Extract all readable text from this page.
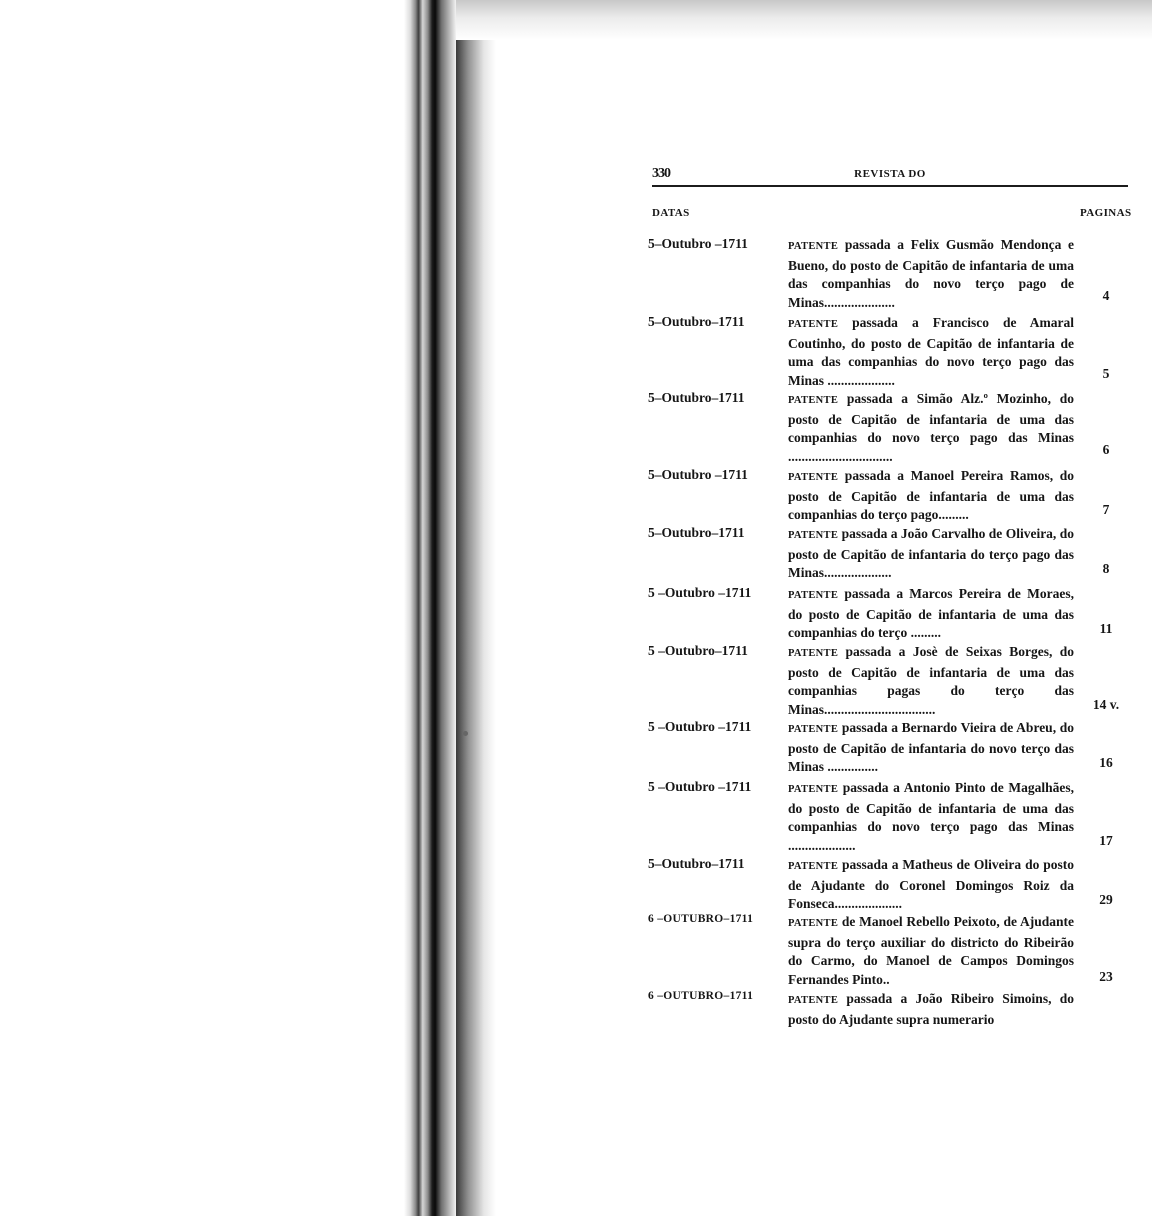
330	REVISTA DO
DATAS	PAGINAS
5–Outubro –1711	PATENTE passada a Felix Gusmão Mendonça e Bueno, do posto de Capitão de infantaria de uma das companhias do novo terço pago de Minas.....................	4
5–Outubro–1711	PATENTE passada a Francisco de Amaral Coutinho, do posto de Capitão de infantaria de uma das companhias do novo terço pago das Minas ....................	5
5–Outubro–1711	PATENTE passada a Simão Alz.º Mozinho, do posto de Capitão de infantaria de uma das companhias do novo terço pago das Minas ...............................	6
5–Outubro –1711	PATENTE passada a Manoel Pereira Ramos, do posto de Capitão de infantaria de uma das companhias do terço pago.........	7
5–Outubro–1711	PATENTE passada a João Carvalho de Oliveira, do posto de Capitão de infantaria do terço pago das Minas....................	8
5 –Outubro –1711	PATENTE passada a Marcos Pereira de Moraes, do posto de Capitão de infantaria de uma das companhias do terço .........	11
5 –Outubro–1711	PATENTE passada a Josè de Seixas Borges, do posto de Capitão de infantaria de uma das companhias pagas do terço das Minas.................................	14 v.
5 –Outubro –1711	PATENTE passada a Bernardo Vieira de Abreu, do posto de Capitão de infantaria do novo terço das Minas ...............	16
5 –Outubro –1711	PATENTE passada a Antonio Pinto de Magalhães, do posto de Capitão de infantaria de uma das companhias do novo terço pago das Minas ....................	17
5–Outubro–1711	PATENTE passada a Matheus de Oliveira do posto de Ajudante do Coronel Domingos Roiz da Fonseca....................	29
6 –OUTUBRO–1711	PATENTE de Manoel Rebello Peixoto, de Ajudante supra do terço auxiliar do districto do Ribeirão do Carmo, do Manoel de Campos Domingos Fernandes Pinto..	23
6 –OUTUBRO–1711	PATENTE passada a João Ribeiro Simoins, do posto do Ajudante supra numerario
